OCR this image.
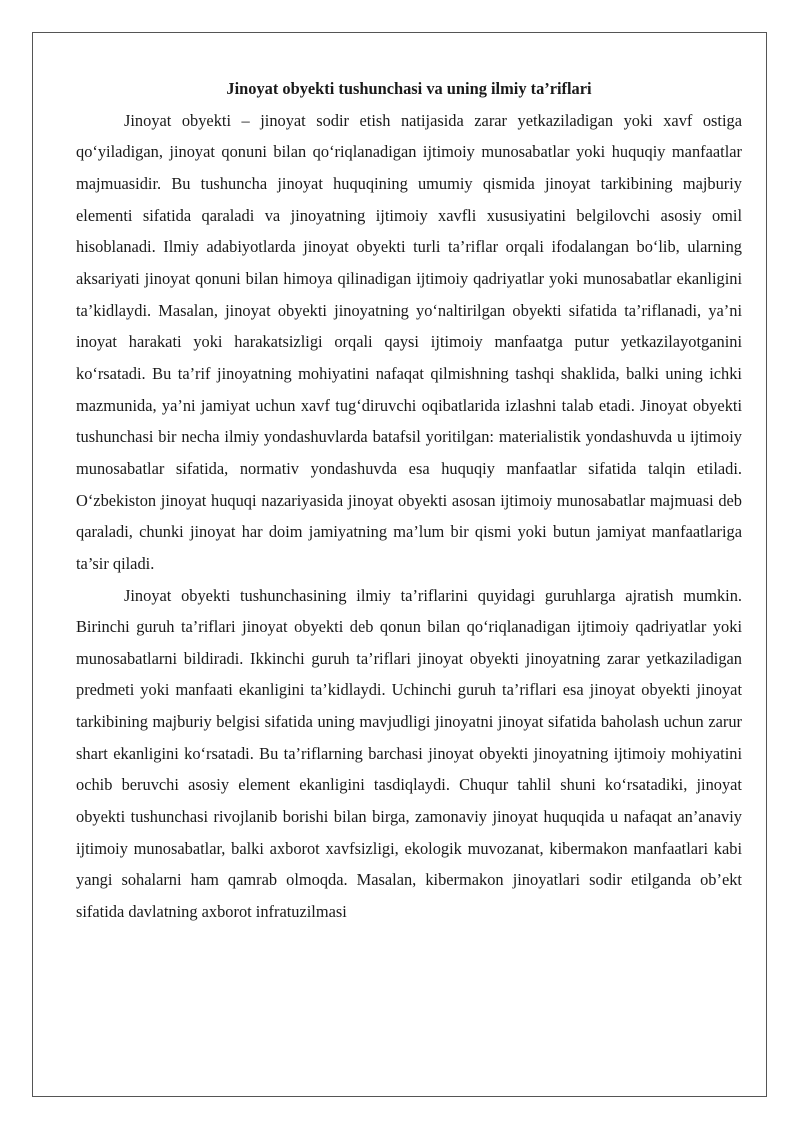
Jinoyat obyekti tushunchasi va uning ilmiy ta’riflari

Jinoyat obyekti – jinoyat sodir etish natijasida zarar yetkaziladigan yoki xavf ostiga qo‘yiladigan, jinoyat qonuni bilan qo‘riqlanadigan ijtimoiy munosabatlar yoki huquqiy manfaatlar majmuasidir. Bu tushuncha jinoyat huquqining umumiy qismida jinoyat tarkibining majburiy elementi sifatida qaraladi va jinoyatning ijtimoiy xavfli xususiyatini belgilovchi asosiy omil hisoblanadi. Ilmiy adabiyotlarda jinoyat obyekti turli ta’riflar orqali ifodalangan bo‘lib, ularning aksariyati jinoyat qonuni bilan himoya qilinadigan ijtimoiy qadriyatlar yoki munosabatlar ekanligini ta’kidlaydi. Masalan, jinoyat obyekti jinoyatning yo‘naltirilgan obyekti sifatida ta’riflanadi, ya’ni inoyat harakati yoki harakatsizligi orqali qaysi ijtimoiy manfaatga putur yetkazilayotganini ko‘rsatadi. Bu ta’rif jinoyatning mohiyatini nafaqat qilmishning tashqi shaklida, balki uning ichki mazmunida, ya’ni jamiyat uchun xavf tug‘diruvchi oqibatlarida izlashni talab etadi. Jinoyat obyekti tushunchasi bir necha ilmiy yondashuvlarda batafsil yoritilgan: materialistik yondashuvda u ijtimoiy munosabatlar sifatida, normativ yondashuvda esa huquqiy manfaatlar sifatida talqin etiladi. O‘zbekiston jinoyat huquqi nazariyasida jinoyat obyekti asosan ijtimoiy munosabatlar majmuasi deb qaraladi, chunki jinoyat har doim jamiyatning ma’lum bir qismi yoki butun jamiyat manfaatlariga ta’sir qiladi.

Jinoyat obyekti tushunchasining ilmiy ta’riflarini quyidagi guruhlarga ajratish mumkin. Birinchi guruh ta’riflari jinoyat obyekti deb qonun bilan qo‘riqlanadigan ijtimoiy qadriyatlar yoki munosabatlarni bildiradi. Ikkinchi guruh ta’riflari jinoyat obyekti jinoyatning zarar yetkaziladigan predmeti yoki manfaati ekanligini ta’kidlaydi. Uchinchi guruh ta’riflari esa jinoyat obyekti jinoyat tarkibining majburiy belgisi sifatida uning mavjudligi jinoyatni jinoyat sifatida baholash uchun zarur shart ekanligini ko‘rsatadi. Bu ta’riflarning barchasi jinoyat obyekti jinoyatning ijtimoiy mohiyatini ochib beruvchi asosiy element ekanligini tasdiqlaydi. Chuqur tahlil shuni ko‘rsatadiki, jinoyat obyekti tushunchasi rivojlanib borishi bilan birga, zamonaviy jinoyat huquqida u nafaqat an’anaviy ijtimoiy munosabatlar, balki axborot xavfsizligi, ekologik muvozanat, kibermakon manfaatlari kabi yangi sohalarni ham qamrab olmoqda. Masalan, kibermakon jinoyatlari sodir etilganda ob’ekt sifatida davlatning axborot infratuzilmasi
